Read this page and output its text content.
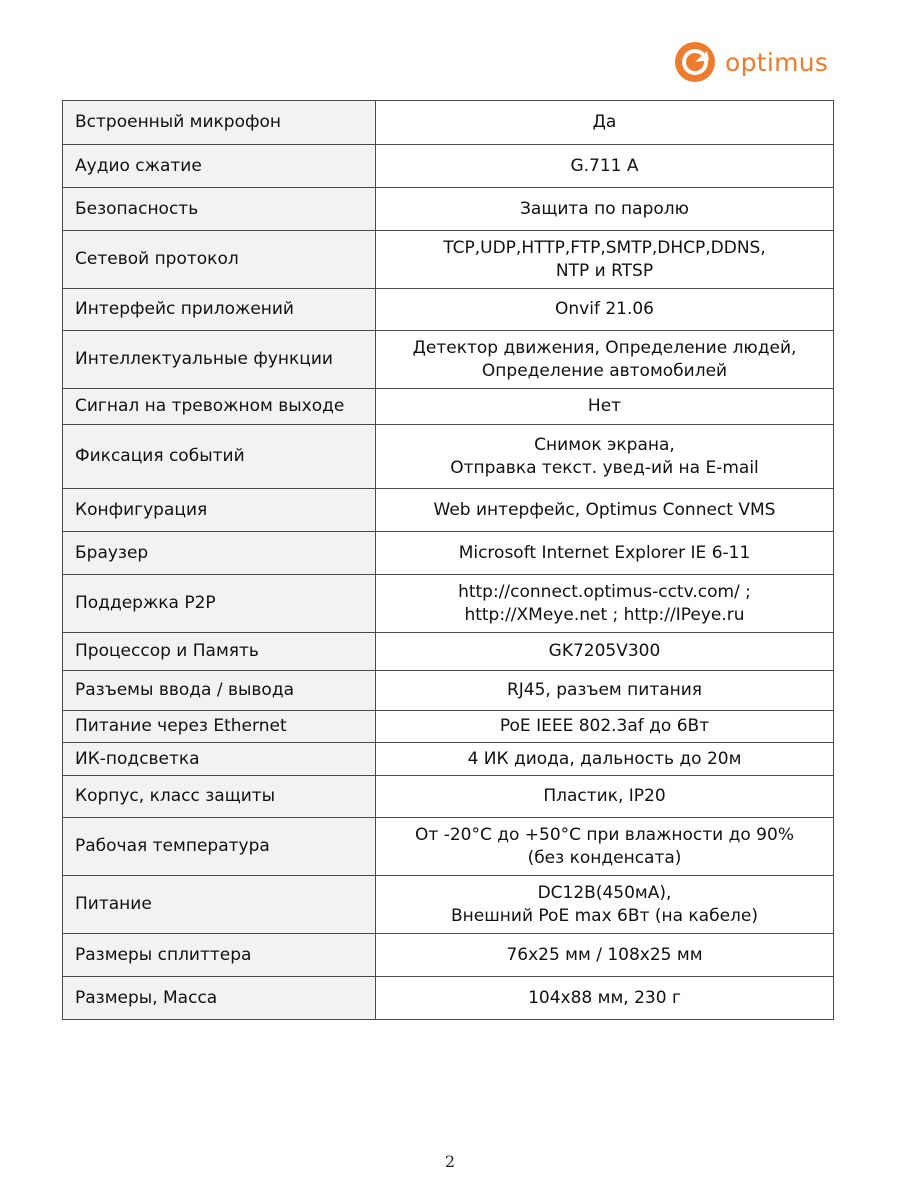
optimus
Встроенный микрофон	Да
Аудио сжатие	G.711 A
Безопасность	Защита по паролю
Сетевой протокол	TCP,UDP,HTTP,FTP,SMTP,DHCP,DDNS,
NTP и RTSP
Интерфейс приложений	Onvif 21.06
Интеллектуальные функции	Детектор движения, Определение людей,
Определение автомобилей
Сигнал на тревожном выходе	Нет
Фиксация событий	Снимок экрана,
Отправка текст. увед-ий на E-mail
Конфигурация	Web интерфейс, Optimus Connect VMS
Браузер	Microsoft Internet Explorer IE 6-11
Поддержка P2P	http://connect.optimus-cctv.com/ ;
http://XMeye.net ; http://IPeye.ru
Процессор и Память	GK7205V300
Разъемы ввода / вывода	RJ45, разъем питания
Питание через Ethernet	PoE IEEE 802.3af до 6Вт
ИК-подсветка	4 ИК диода, дальность до 20м
Корпус, класс защиты	Пластик, IP20
Рабочая температура	От -20°C до +50°C при влажности до 90%
(без конденсата)
Питание	DC12В(450мА),
Внешний PoE max 6Вт (на кабеле)
Размеры сплиттера	76x25 мм / 108x25 мм
Размеры, Масса	104x88 мм, 230 г
2
